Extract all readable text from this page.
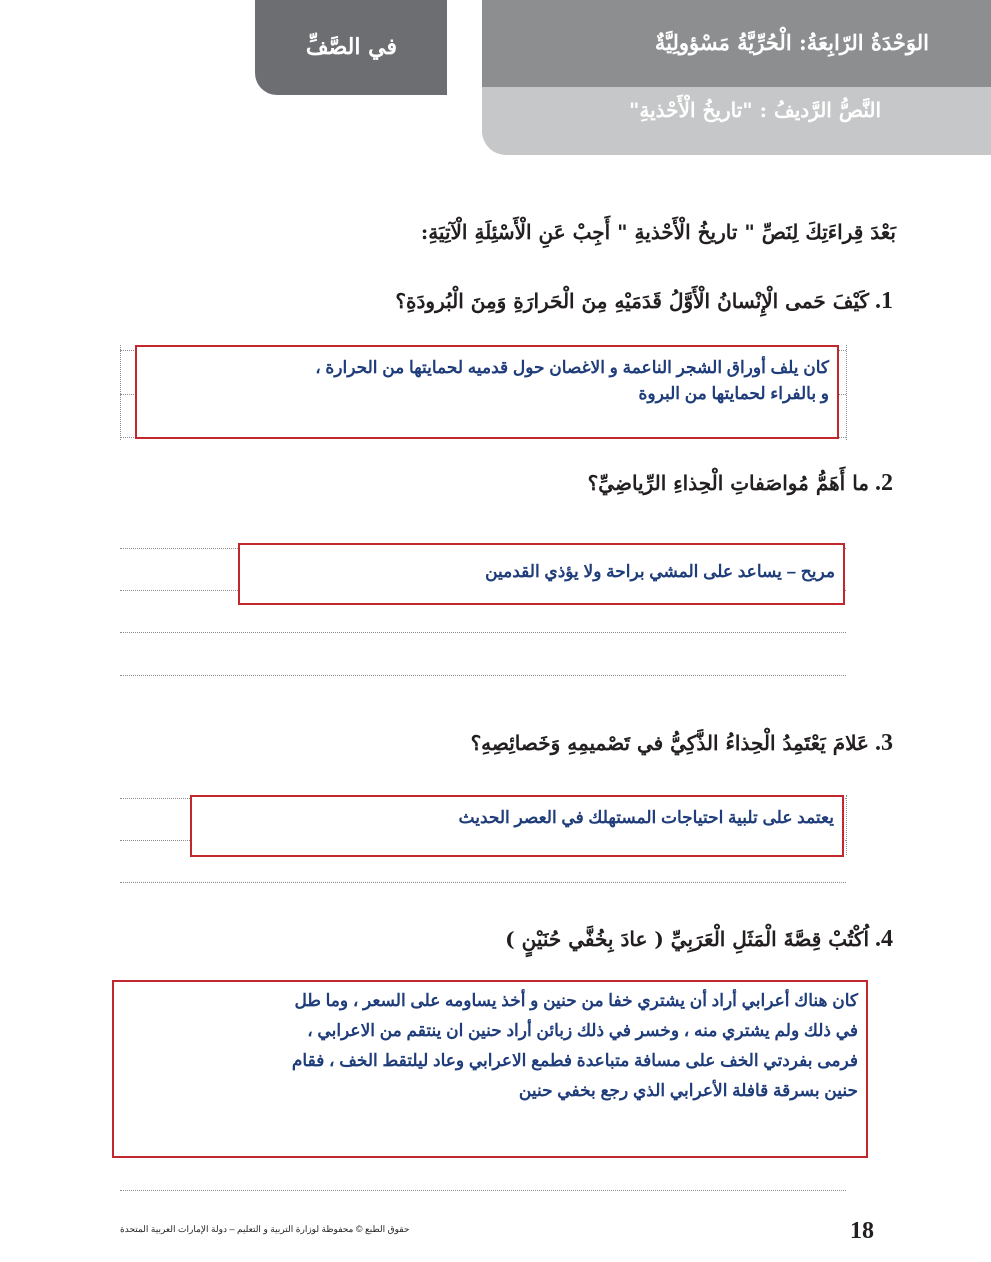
في الصَّفِّ	الوَحْدَةُ الرّابِعَةُ: الْحُرِّيَّةُ مَسْؤولِيَّةٌ
النَّصُّ الرَّديفُ : "تاريخُ الْأَحْذيةِ"
بَعْدَ قِراءَتِكَ لِنَصِّ " تاريخُ الْأَحْذيةِ " أَجِبْ عَنِ الْأَسْئِلَةِ الْآتِيَةِ:
1.كَيْفَ حَمى الْإِنْسانُ الْأَوَّلُ قَدَمَيْهِ مِنَ الْحَرارَةِ وَمِنَ الْبُرودَةِ؟
كان يلف أوراق الشجر الناعمة و الاغصان حول قدميه لحمايتها من الحرارة ،
و بالفراء لحمايتها من البروة
2.ما أَهَمُّ مُواصَفاتِ الْحِذاءِ الرِّياضِيِّ؟
مريح – يساعد على المشي براحة ولا يؤذي القدمين
3.عَلامَ يَعْتَمِدُ الْحِذاءُ الذَّكِيُّ في تَصْميمِهِ وَخَصائِصِهِ؟
يعتمد على تلبية احتياجات المستهلك في العصر الحديث
4.اُكْتُبْ قِصَّةَ الْمَثَلِ الْعَرَبِيِّ ( عادَ بِخُفَّي حُنَيْنٍ )
كان هناك أعرابي أراد أن يشتري خفا من حنين و أخذ يساومه على السعر ، وما طل
في ذلك ولم يشتري منه ، وخسر في ذلك زبائن أراد حنين ان ينتقم من الاعرابي ،
فرمى بفردتي الخف على مسافة متباعدة فطمع الاعرابي وعاد ليلتقط الخف ، فقام
حنين بسرقة قافلة الأعرابي الذي رجع بخفي حنين
18
حقوق الطبع © محفوظة لوزارة التربية و التعليم – دولة الإمارات العربية المتحدة
